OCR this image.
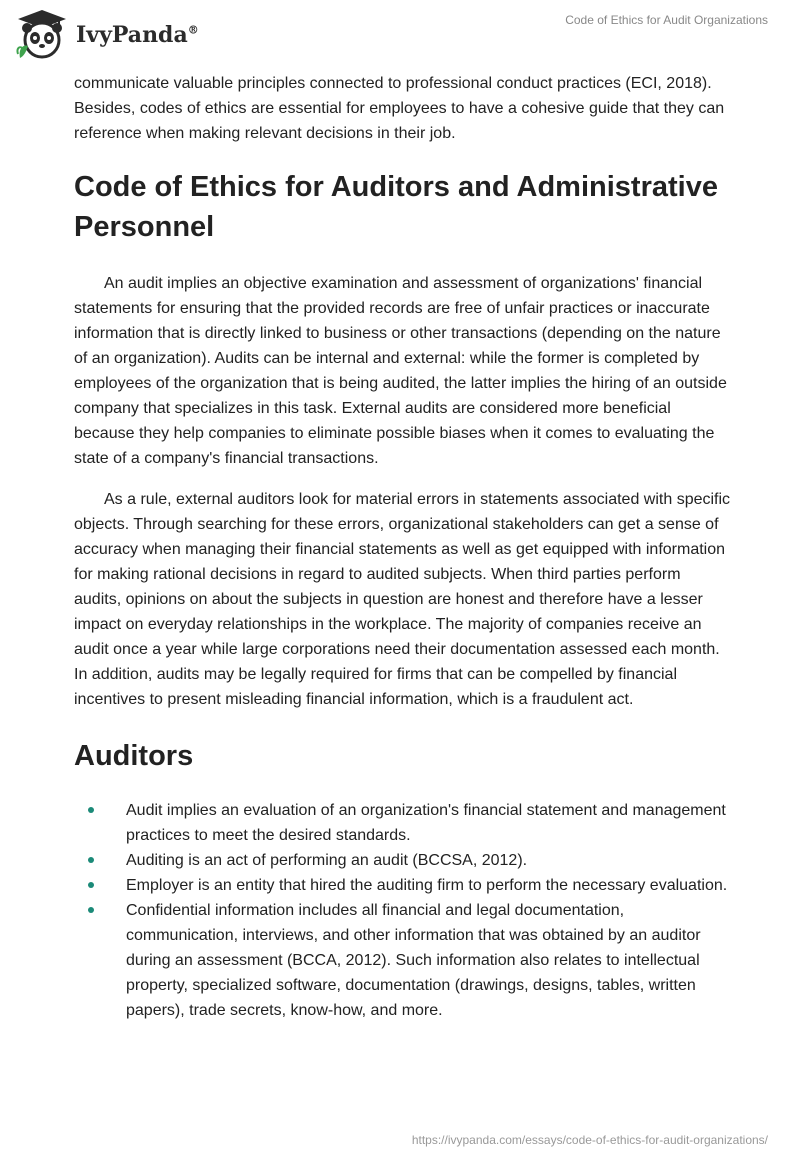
IvyPanda®
Code of Ethics for Audit Organizations

communicate valuable principles connected to professional conduct practices (ECI, 2018). Besides, codes of ethics are essential for employees to have a cohesive guide that they can reference when making relevant decisions in their job.

Code of Ethics for Auditors and Administrative Personnel

An audit implies an objective examination and assessment of organizations' financial statements for ensuring that the provided records are free of unfair practices or inaccurate information that is directly linked to business or other transactions (depending on the nature of an organization). Audits can be internal and external: while the former is completed by employees of the organization that is being audited, the latter implies the hiring of an outside company that specializes in this task. External audits are considered more beneficial because they help companies to eliminate possible biases when it comes to evaluating the state of a company's financial transactions.

As a rule, external auditors look for material errors in statements associated with specific objects. Through searching for these errors, organizational stakeholders can get a sense of accuracy when managing their financial statements as well as get equipped with information for making rational decisions in regard to audited subjects. When third parties perform audits, opinions on about the subjects in question are honest and therefore have a lesser impact on everyday relationships in the workplace. The majority of companies receive an audit once a year while large corporations need their documentation assessed each month. In addition, audits may be legally required for firms that can be compelled by financial incentives to present misleading financial information, which is a fraudulent act.

Auditors
Audit implies an evaluation of an organization's financial statement and management practices to meet the desired standards.
Auditing is an act of performing an audit (BCCSA, 2012).
Employer is an entity that hired the auditing firm to perform the necessary evaluation.
Confidential information includes all financial and legal documentation, communication, interviews, and other information that was obtained by an auditor during an assessment (BCCA, 2012). Such information also relates to intellectual property, specialized software, documentation (drawings, designs, tables, written papers), trade secrets, know-how, and more.
https://ivypanda.com/essays/code-of-ethics-for-audit-organizations/
